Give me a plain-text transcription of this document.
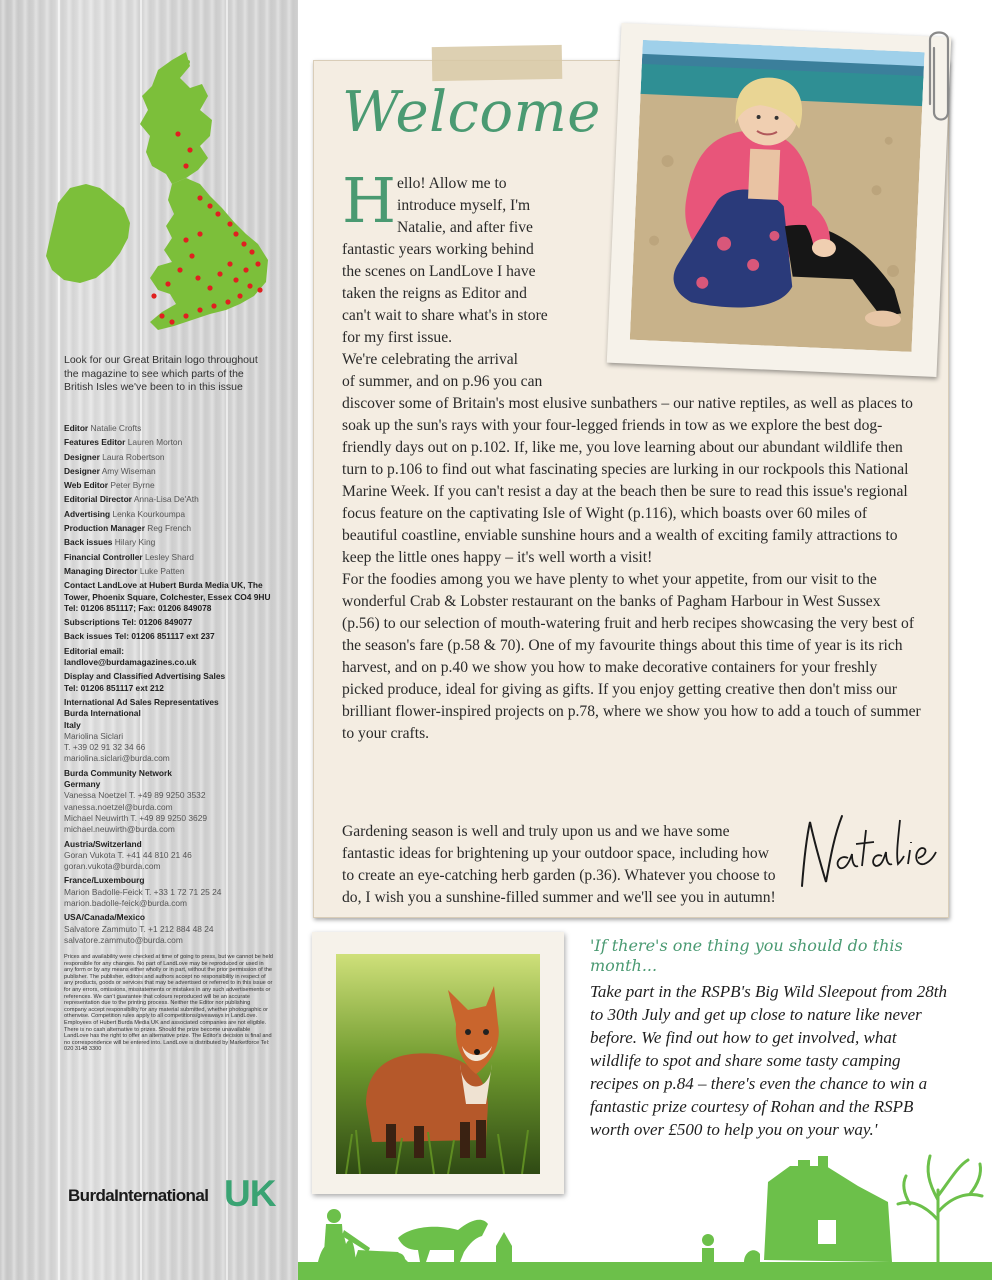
Look for our Great Britain logo throughout the magazine to see which parts of the British Isles we've been to in this issue
Editor Natalie Crofts
Features Editor Lauren Morton
Designer Laura Robertson
Designer Amy Wiseman
Web Editor Peter Byrne
Editorial Director Anna-Lisa De'Ath
Advertising Lenka Kourkoumpa
Production Manager Reg French
Back issues Hilary King
Financial Controller Lesley Shard
Managing Director Luke Patten
Contact LandLove at Hubert Burda Media UK, The Tower, Phoenix Square, Colchester, Essex CO4 9HU
Tel: 01206 851117; Fax: 01206 849078
Subscriptions Tel: 01206 849077
Back issues Tel: 01206 851117 ext 237
Editorial email:
landlove@burdamagazines.co.uk
Display and Classified Advertising Sales
Tel: 01206 851117 ext 212
International Ad Sales Representatives
Burda International
Italy
Mariolina Siclari
T. +39 02 91 32 34 66
mariolina.siclari@burda.com
Burda Community Network
Germany
Vanessa Noetzel T. +49 89 9250 3532
vanessa.noetzel@burda.com
Michael Neuwirth T. +49 89 9250 3629
michael.neuwirth@burda.com
Austria/Switzerland
Goran Vukota T. +41 44 810 21 46
goran.vukota@burda.com
France/Luxembourg
Marion Badolle-Feick T. +33 1 72 71 25 24
marion.badolle-feick@burda.com
USA/Canada/Mexico
Salvatore Zammuto T. +1 212 884 48 24
salvatore.zammuto@burda.com
Prices and availability were checked at time of going to press, but we cannot be held responsible for any changes. No part of LandLove may be reproduced or used in any form or by any means either wholly or in part, without the prior permission of the publisher. The publisher, editors and authors accept no responsibility in respect of any products, goods or services that may be advertised or referred to in this issue or for any errors, omissions, misstatements or mistakes in any such advertisements or references. We can't guarantee that colours reproduced will be an accurate representation due to the printing process. Neither the Editor nor publishing company accept responsibility for any material submitted, whether photographic or otherwise. Competition rules apply to all competitions/giveaways in LandLove. Employees of Hubert Burda Media UK and associated companies are not eligible. There is no cash alternative to prizes. Should the prize become unavailable LandLove has the right to offer an alternative prize. The Editor's decision is final and no correspondence will be entered into. LandLove is distributed by Marketforce Tel: 020 3148 3300
UK
BurdaInternational
Welcome
H ello! Allow me to
introduce myself, I'm
Natalie, and after five
fantastic years working behind
the scenes on LandLove I have
taken the reigns as Editor and
can't wait to share what's in store
for my first issue.
We're celebrating the arrival
of summer, and on p.96 you can

discover some of Britain's most elusive sunbathers – our native reptiles, as well as places to soak up the sun's rays with your four-legged friends in tow as we explore the best dog-friendly days out on p.102. If, like me, you love learning about our abundant wildlife then turn to p.106 to find out what fascinating species are lurking in our rockpools this National Marine Week. If you can't resist a day at the beach then be sure to read this issue's regional focus feature on the captivating Isle of Wight (p.116), which boasts over 60 miles of beautiful coastline, enviable sunshine hours and a wealth of exciting family attractions to keep the little ones happy – it's well worth a visit!

For the foodies among you we have plenty to whet your appetite, from our visit to the wonderful Crab & Lobster restaurant on the banks of Pagham Harbour in West Sussex (p.56) to our selection of mouth-watering fruit and herb recipes showcasing the very best of the season's fare (p.58 & 70). One of my favourite things about this time of year is its rich harvest, and on p.40 we show you how to make decorative containers for your freshly picked produce, ideal for giving as gifts. If you enjoy getting creative then don't miss our brilliant flower-inspired projects on p.78, where we show you how to add a touch of summer to your crafts.

Gardening season is well and truly upon us and we have some fantastic ideas for brightening up your outdoor space, including how to create an eye-catching herb garden (p.36). Whatever you choose to do, I wish you a sunshine-filled summer and we'll see you in autumn!

'If there's one thing you should do this month...

Take part in the RSPB's Big Wild Sleepout from 28th to 30th July and get up close to nature like never before. We find out how to get involved, what wildlife to spot and share some tasty camping recipes on p.84 – there's even the chance to win a fantastic prize courtesy of Rohan and the RSPB worth over £500 to help you on your way.'
